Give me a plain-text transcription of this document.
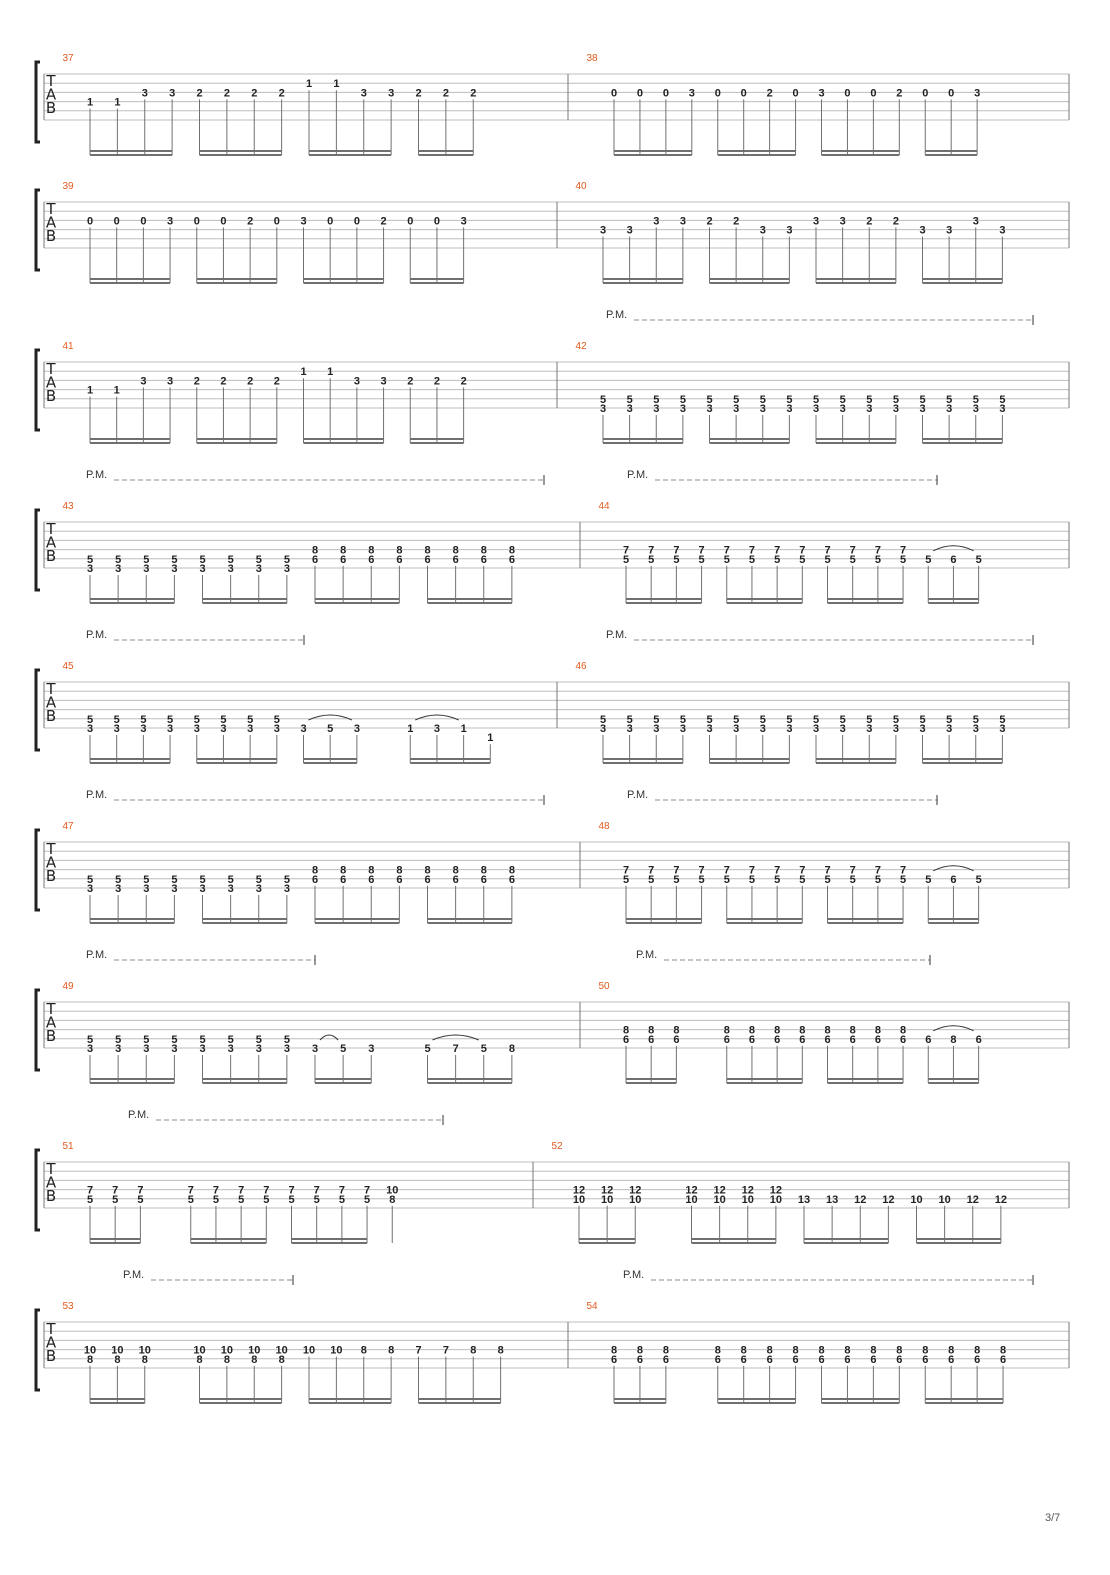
T
A
B
37
1 1
3 3 2 2 2 2
1 1
3 3 2 2 2
38
0 0 0 3 0 0 2 0 3 0 0 2 0 0 3
T
A
B
39
0 0 0 3 0 0 2 0 3 0 0 2 0 0 3
40
3 3
3 3 2 2
3 3
3 3 2 2
3 3
3
3
T
A
B
P.M.
41
1 1
3 3 2 2 2 2
1 1
3 3 2 2 2
42
5
3
5
3
5
3
5
3
5
3
5
3
5
3
5
3
5
3
5
3
5
3
5
3
5
3
5
3
5
3
5
3
T
A
B
P.M.	P.M.
43
5
3
5
3
5
3
5
3
5
3
5
3
5
3
5
3
8
6
8
6
8
6
8
6
8
6
8
6
8
6
8
6
44
7
5
7
5
7
5
7
5
7
5
7
5
7
5
7
5
7
5
7
5
7
5
7
5 5 6 5
T
A
B
P.M.	P.M.
45
5
3
5
3
5
3
5
3
5
3
5
3
5
3
5
3 3 5 3	1 3 1
1
46
5
3
5
3
5
3
5
3
5
3
5
3
5
3
5
3
5
3
5
3
5
3
5
3
5
3
5
3
5
3
5
3
T
A
B
P.M.	P.M.
47
5
3
5
3
5
3
5
3
5
3
5
3
5
3
5
3
8
6
8
6
8
6
8
6
8
6
8
6
8
6
8
6
48
7
5
7
5
7
5
7
5
7
5
7
5
7
5
7
5
7
5
7
5
7
5
7
5 5 6 5
T
A
B
P.M.	P.M.
49
5
3
5
3
5
3
5
3
5
3
5
3
5
3
5
3 3 5 3	5 7 5 8
50
8
6
8
6
8
6
8
6
8
6
8
6
8
6
8
6
8
6
8
6
8
6 6 8 6
T
A
B
P.M.
51
7
5
7
5
7
5
7
5
7
5
7
5
7
5
7
5
7
5
7
5
7
5
10
8
52
12
10
12
10
12
10
12
10
12
10
12
10
12
10 13 13 12 12 10 10 12 12
T
A
B
P.M.	P.M.
53
10
8
10
8
10
8
10
8
10
8
10
8
10
8
10 10 8 8 7 7 8 8
54
8
6
8
6
8
6
8
6
8
6
8
6
8
6
8
6
8
6
8
6
8
6
8
6
8
6
8
6
8
6
3/7
